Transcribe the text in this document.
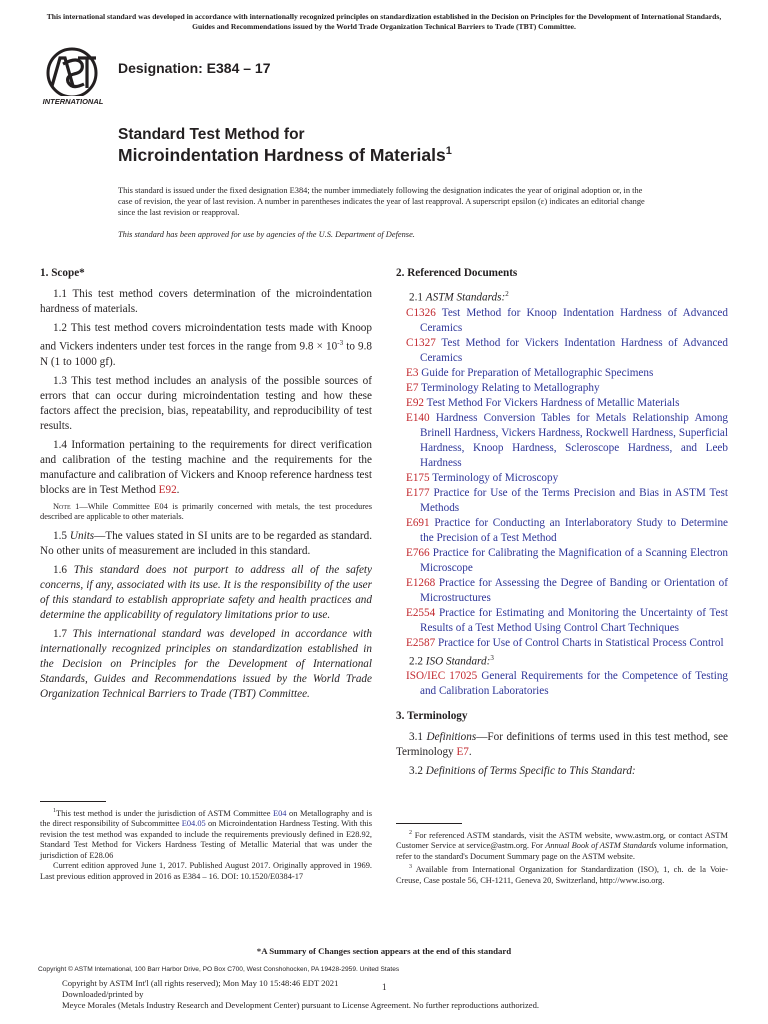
This international standard was developed in accordance with internationally recognized principles on standardization established in the Decision on Principles for the Development of International Standards, Guides and Recommendations issued by the World Trade Organization Technical Barriers to Trade (TBT) Committee.
INTERNATIONAL
Designation: E384 – 17
Standard Test Method for
Microindentation Hardness of Materials$^1$
This standard is issued under the fixed designation E384; the number immediately following the designation indicates the year of original adoption or, in the case of revision, the year of last revision. A number in parentheses indicates the year of last reapproval. A superscript epsilon (ε) indicates an editorial change since the last revision or reapproval.
This standard has been approved for use by agencies of the U.S. Department of Defense.
1. Scope*
1.1 This test method covers determination of the microindentation hardness of materials.
1.2 This test method covers microindentation tests made with Knoop and Vickers indenters under test forces in the range from $9.8 \times 10^{-3}$ to 9.8 N (1 to 1000 gf).
1.3 This test method includes an analysis of the possible sources of errors that can occur during microindentation testing and how these factors affect the precision, bias, repeatability, and reproducibility of test results.
1.4 Information pertaining to the requirements for direct verification and calibration of the testing machine and the requirements for the manufacture and calibration of Vickers and Knoop reference hardness test blocks are in Test Method E92.
Note 1—While Committee E04 is primarily concerned with metals, the test procedures described are applicable to other materials.
1.5 Units—The values stated in SI units are to be regarded as standard. No other units of measurement are included in this standard.
1.6 This standard does not purport to address all of the safety concerns, if any, associated with its use. It is the responsibility of the user of this standard to establish appropriate safety and health practices and determine the applicability of regulatory limitations prior to use.
1.7 This international standard was developed in accordance with internationally recognized principles on standardization established in the Decision on Principles for the Development of International Standards, Guides and Recommendations issued by the World Trade Organization Technical Barriers to Trade (TBT) Committee.
2. Referenced Documents
2.1 ASTM Standards:$^2$

C1326 Test Method for Knoop Indentation Hardness of Advanced Ceramics

C1327 Test Method for Vickers Indentation Hardness of Advanced Ceramics

E3 Guide for Preparation of Metallographic Specimens

E7 Terminology Relating to Metallography

E92 Test Method For Vickers Hardness of Metallic Materials

E140 Hardness Conversion Tables for Metals Relationship Among Brinell Hardness, Vickers Hardness, Rockwell Hardness, Superficial Hardness, Knoop Hardness, Scleroscope Hardness, and Leeb Hardness

E175 Terminology of Microscopy

E177 Practice for Use of the Terms Precision and Bias in ASTM Test Methods

E691 Practice for Conducting an Interlaboratory Study to Determine the Precision of a Test Method

E766 Practice for Calibrating the Magnification of a Scanning Electron Microscope

E1268 Practice for Assessing the Degree of Banding or Orientation of Microstructures

E2554 Practice for Estimating and Monitoring the Uncertainty of Test Results of a Test Method Using Control Chart Techniques

E2587 Practice for Use of Control Charts in Statistical Process Control

2.2 ISO Standard:$^3$

ISO/IEC 17025 General Requirements for the Competence of Testing and Calibration Laboratories

3. Terminology
3.1 Definitions—For definitions of terms used in this test method, see Terminology E7.
3.2 Definitions of Terms Specific to This Standard:

$^1$This test method is under the jurisdiction of ASTM Committee E04 on Metallography and is the direct responsibility of Subcommittee E04.05 on Microindentation Hardness Testing. With this revision the test method was expanded to include the requirements previously defined in E28.92, Standard Test Method for Vickers Hardness Testing of Metallic Material that was under the jurisdiction of E28.06

Current edition approved June 1, 2017. Published August 2017. Originally approved in 1969. Last previous edition approved in 2016 as E384 – 16. DOI: 10.1520/E0384-17

$^2$ For referenced ASTM standards, visit the ASTM website, www.astm.org, or contact ASTM Customer Service at service@astm.org. For Annual Book of ASTM Standards volume information, refer to the standard's Document Summary page on the ASTM website.

$^3$ Available from International Organization for Standardization (ISO), 1, ch. de la Voie-Creuse, Case postale 56, CH-1211, Geneva 20, Switzerland, http://www.iso.org.

*A Summary of Changes section appears at the end of this standard
Copyright © ASTM International, 100 Barr Harbor Drive, PO Box C700, West Conshohocken, PA 19428-2959. United States
Copyright by ASTM Int'l (all rights reserved); Mon May 10 15:48:46 EDT 2021
Downloaded/printed by
Meyce Morales (Metals Industry Research and Development Center) pursuant to License Agreement. No further reproductions authorized.
1
